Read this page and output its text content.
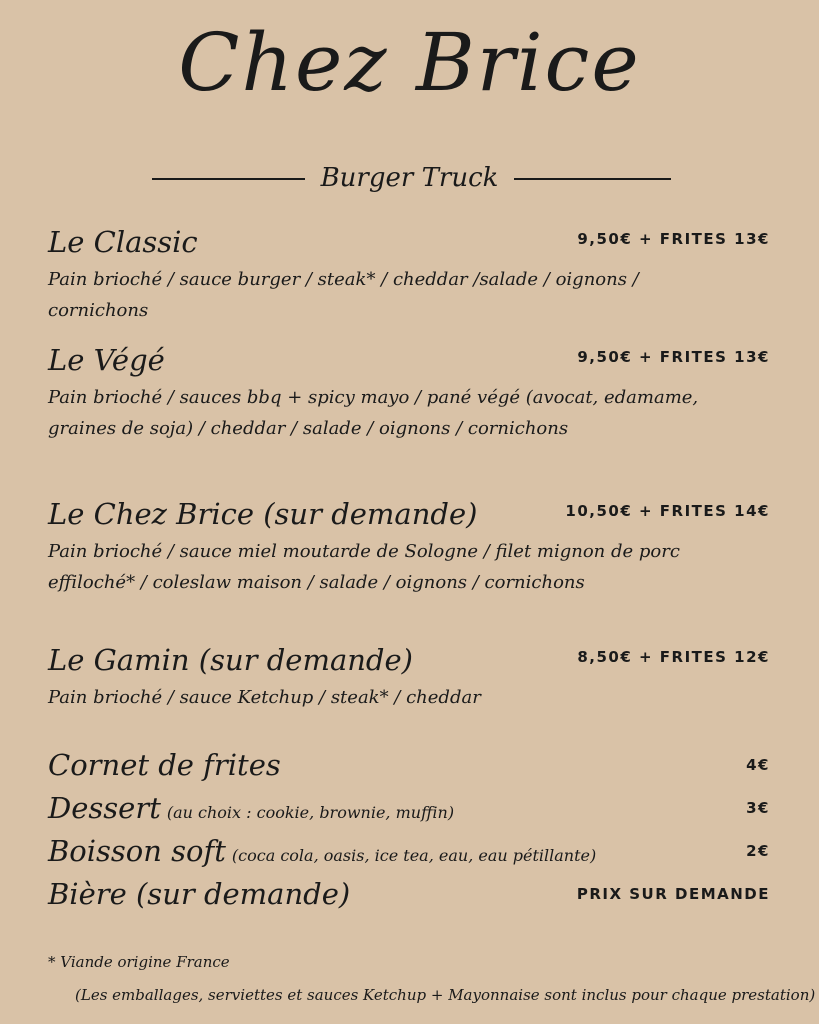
Chez Brice
Burger Truck
Le Classic	9,50€ + FRITES 13€
Pain brioché / sauce burger / steak* / cheddar /salade / oignons / cornichons
Le Végé	9,50€ + FRITES 13€
Pain brioché / sauces bbq + spicy mayo / pané végé (avocat, edamame, graines de soja) / cheddar / salade / oignons / cornichons
Le Chez Brice (sur demande)	10,50€ + FRITES 14€
Pain brioché / sauce miel moutarde de Sologne / filet mignon de porc effiloché* / coleslaw maison / salade / oignons / cornichons
Le Gamin (sur demande)	8,50€ + FRITES 12€
Pain brioché / sauce Ketchup / steak* / cheddar
Cornet de frites	4€
Dessert (au choix : cookie, brownie, muffin)	3€
Boisson soft (coca cola, oasis, ice tea, eau, eau pétillante)	2€
Bière (sur demande)	PRIX SUR DEMANDE
* Viande origine France
(Les emballages, serviettes et sauces Ketchup + Mayonnaise sont inclus pour chaque prestation)
